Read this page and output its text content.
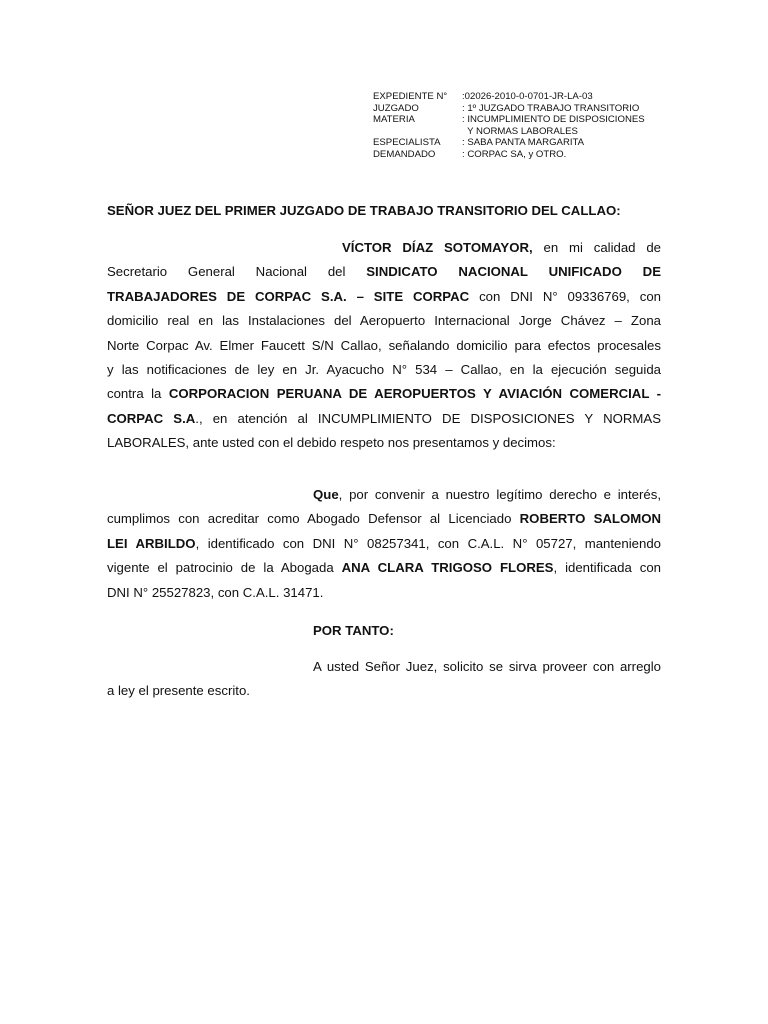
EXPEDIENTE N°	:02026-2010-0-0701-JR-LA-03
JUZGADO	: 1º JUZGADO TRABAJO TRANSITORIO
MATERIA	: INCUMPLIMIENTO DE DISPOSICIONES
Y NORMAS LABORALES
ESPECIALISTA	: SABA PANTA MARGARITA
DEMANDADO	: CORPAC SA, y OTRO.
SEÑOR JUEZ DEL PRIMER JUZGADO DE TRABAJO TRANSITORIO DEL CALLAO:
VÍCTOR DÍAZ SOTOMAYOR, en mi calidad de
Secretario General Nacional del SINDICATO NACIONAL UNIFICADO DE
TRABAJADORES DE CORPAC S.A. – SITE CORPAC con DNI N° 09336769, con
domicilio real en las Instalaciones del Aeropuerto Internacional Jorge Chávez – Zona
Norte Corpac Av. Elmer Faucett S/N Callao, señalando domicilio para efectos procesales
y las notificaciones de ley en Jr. Ayacucho N° 534 – Callao, en la ejecución seguida
contra la CORPORACION PERUANA DE AEROPUERTOS Y AVIACIÓN COMERCIAL -
CORPAC S.A., en atención al INCUMPLIMIENTO DE DISPOSICIONES Y NORMAS
LABORALES, ante usted con el debido respeto nos presentamos y decimos:
Que, por convenir a nuestro legítimo derecho e interés,
cumplimos con acreditar como Abogado Defensor al Licenciado ROBERTO SALOMON
LEI ARBILDO, identificado con DNI N° 08257341, con C.A.L. N° 05727, manteniendo
vigente el patrocinio de la Abogada ANA CLARA TRIGOSO FLORES, identificada con
DNI N° 25527823, con C.A.L. 31471.
POR TANTO:
A usted Señor Juez, solicito se sirva proveer con arreglo
a ley el presente escrito.
